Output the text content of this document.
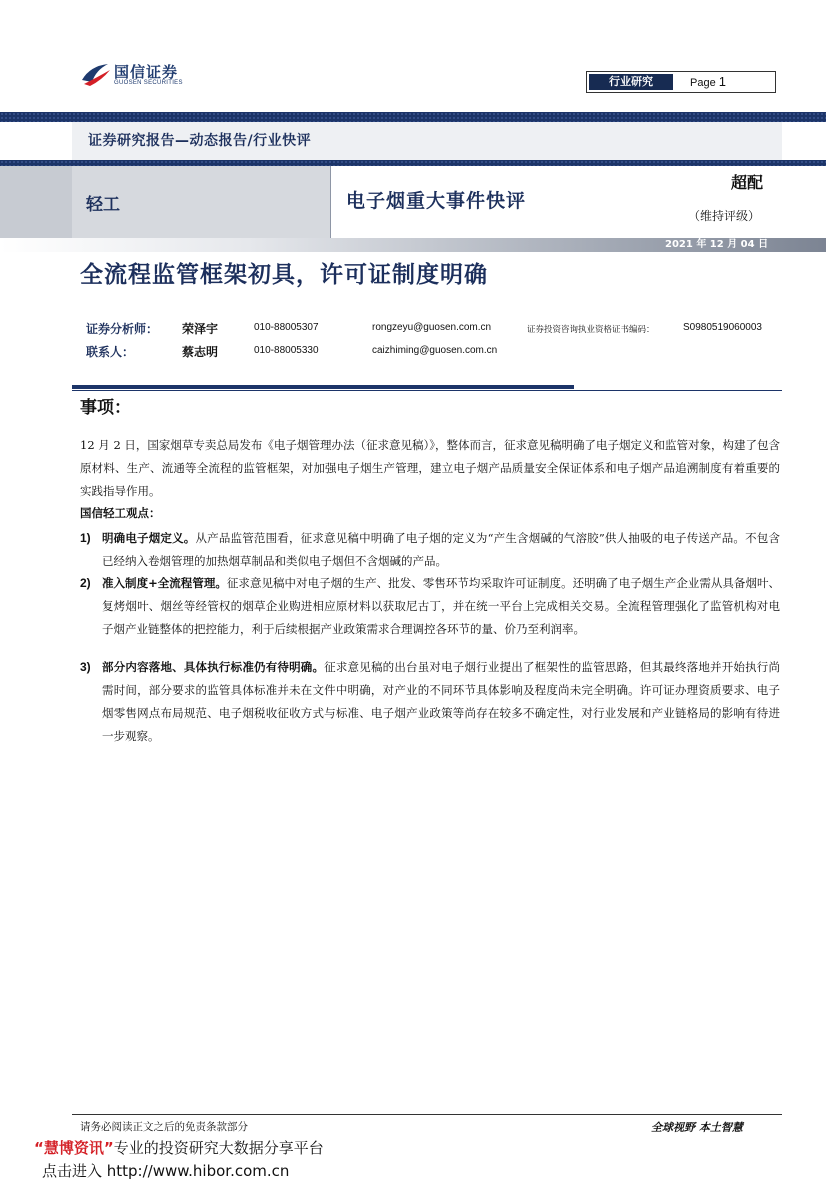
国信证券
GUOSEN SECURITIES	行业研究	Page 1
证券研究报告—动态报告/行业快评
轻工	电子烟重大事件快评
超配
（维持评级）
2021 年 12 月 04 日
全流程监管框架初具，许可证制度明确
证券分析师： 荣泽宇	010-88005307	rongzeyu@guosen.com.cn	证券投资咨询执业资格证书编码：	S0980519060003
联系人：	蔡志明	010-88005330	caizhiming@guosen.com.cn
事项：

12 月 2 日，国家烟草专卖总局发布《电子烟管理办法（征求意见稿）》，整体而言，征求意见稿明确了电子烟定义和监管对象，构建了包含原材料、生产、流通等全流程的监管框架，对加强电子烟生产管理，建立电子烟产品质量安全保证体系和电子烟产品追溯制度有着重要的实践指导作用。

国信轻工观点：
1) 明确电子烟定义。从产品监管范围看，征求意见稿中明确了电子烟的定义为“产生含烟碱的气溶胶”供人抽吸的电子传送产品。不包含已经纳入卷烟管理的加热烟草制品和类似电子烟但不含烟碱的产品。
2) 准入制度+全流程管理。征求意见稿中对电子烟的生产、批发、零售环节均采取许可证制度。还明确了电子烟生产企业需从具备烟叶、复烤烟叶、烟丝等经管权的烟草企业购进相应原材料以获取尼古丁，并在统一平台上完成相关交易。全流程管理强化了监管机构对电子烟产业链整体的把控能力，利于后续根据产业政策需求合理调控各环节的量、价乃至利润率。
3) 部分内容落地、具体执行标准仍有待明确。征求意见稿的出台虽对电子烟行业提出了框架性的监管思路，但其最终落地并开始执行尚需时间，部分要求的监管具体标准并未在文件中明确，对产业的不同环节具体影响及程度尚未完全明确。许可证办理资质要求、电子烟零售网点布局规范、电子烟税收征收方式与标准、电子烟产业政策等尚存在较多不确定性，对行业发展和产业链格局的影响有待进一步观察。
请务必阅读正文之后的免责条款部分	全球视野 本土智慧
“慧博资讯”专业的投资研究大数据分享平台
点击进入 http://www.hibor.com.cn
